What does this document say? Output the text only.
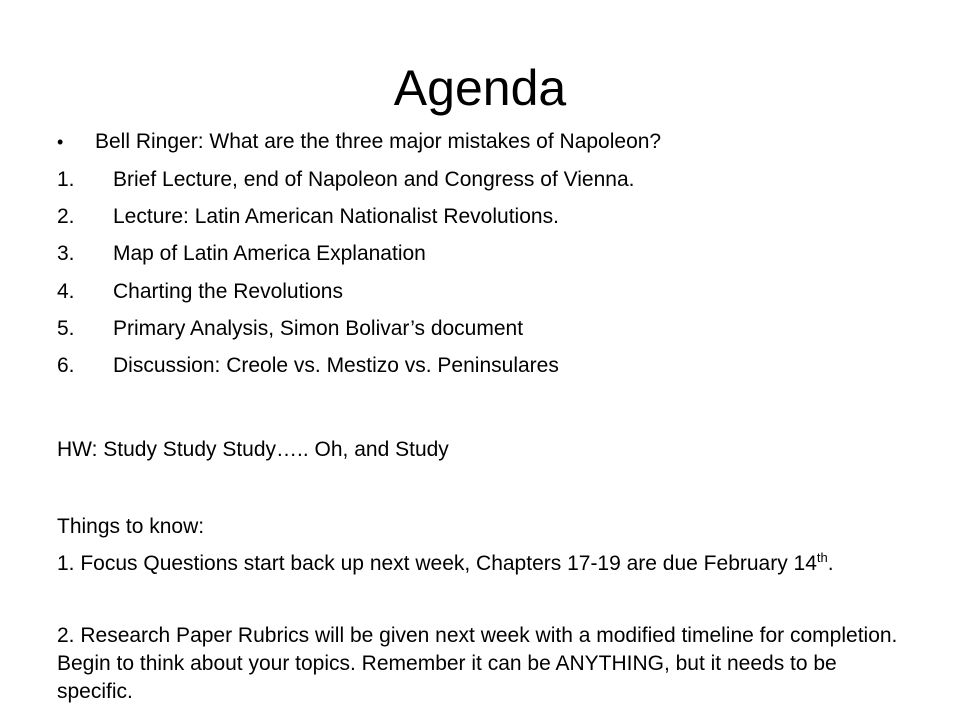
Agenda
•	Bell Ringer: What are the three major mistakes of Napoleon?
1.	Brief Lecture, end of Napoleon and Congress of Vienna.
2.	Lecture: Latin American Nationalist Revolutions.
3.	Map of Latin America Explanation
4.	Charting the Revolutions
5.	Primary Analysis, Simon Bolivar’s document
6.	Discussion: Creole vs. Mestizo vs. Peninsulares
HW: Study Study Study….. Oh, and Study
Things to know:
1. Focus Questions start back up next week, Chapters 17-19 are due February 14th.
2. Research Paper Rubrics will be given next week with a modified timeline for completion. Begin to think about your topics. Remember it can be ANYTHING, but it needs to be specific.
